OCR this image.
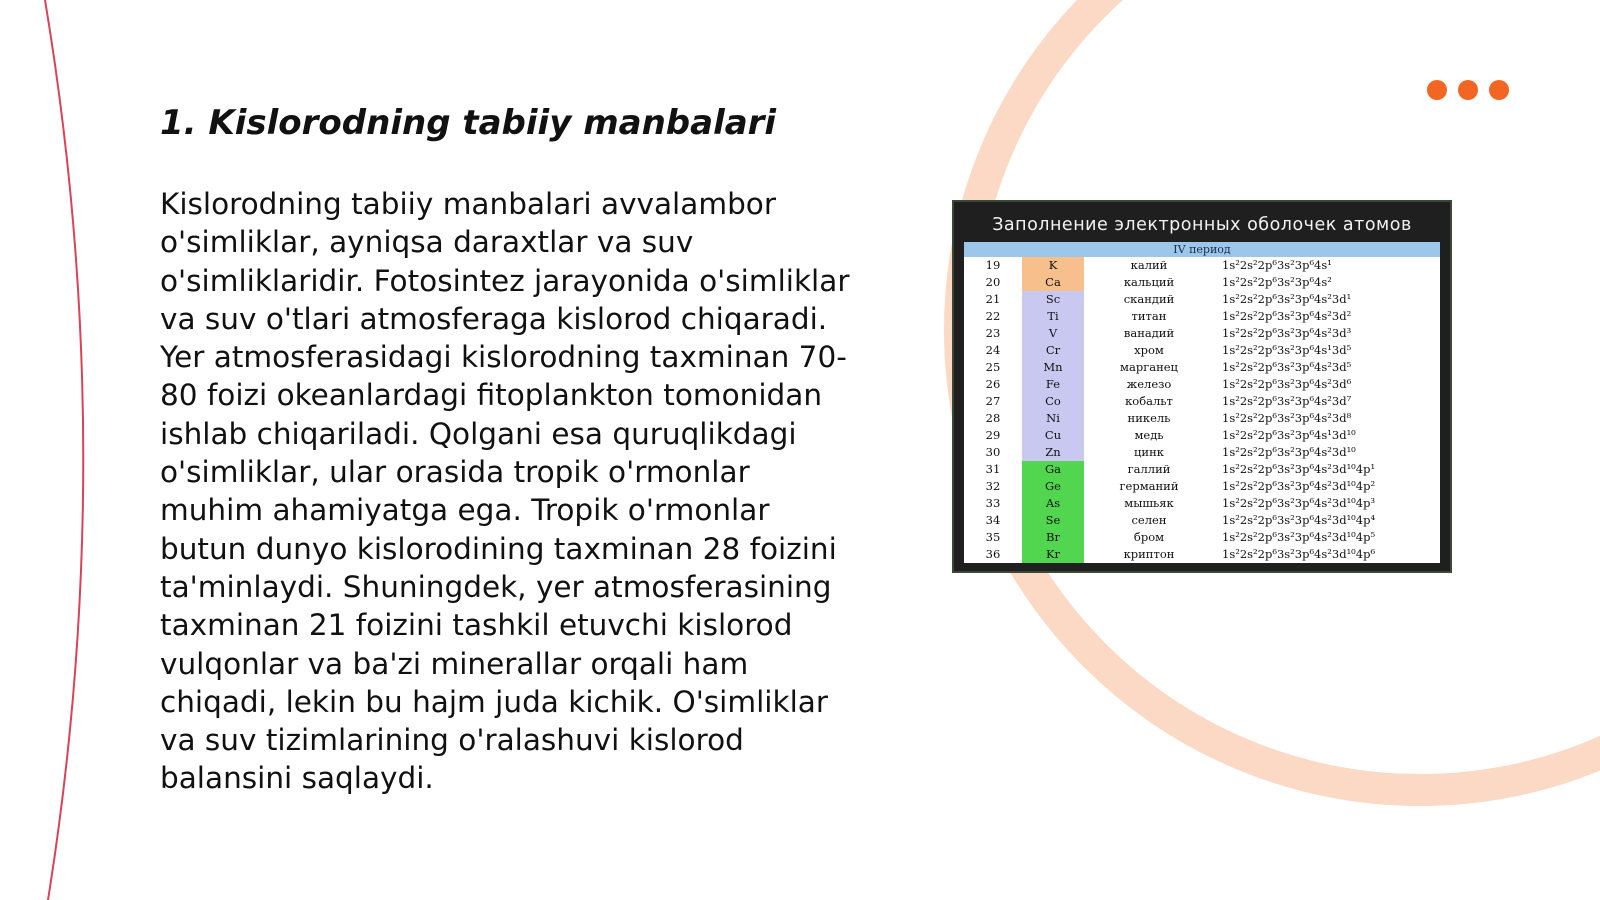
1. Kislorodning tabiiy manbalari

Kislorodning tabiiy manbalari avvalambor o'simliklar, ayniqsa daraxtlar va suv o'simliklaridir. Fotosintez jarayonida o'simliklar va suv o'tlari atmosferaga kislorod chiqaradi. Yer atmosferasidagi kislorodning taxminan 70-80 foizi okeanlardagi fitoplankton tomonidan ishlab chiqariladi. Qolgani esa quruqlikdagi o'simliklar, ular orasida tropik o'rmonlar muhim ahamiyatga ega. Tropik o'rmonlar butun dunyo kislorodining taxminan 28 foizini ta'minlaydi. Shuningdek, yer atmosferasining taxminan 21 foizini tashkil etuvchi kislorod vulqonlar va ba'zi minerallar orqali ham chiqadi, lekin bu hajm juda kichik. O'simliklar va suv tizimlarining o'ralashuvi kislorod balansini saqlaydi.

Заполнение электронных оболочек атомов
IV период
19	K	калий	1s²2s²2p⁶3s²3p⁶4s¹
20	Ca	кальций	1s²2s²2p⁶3s²3p⁶4s²
21	Sc	скандий	1s²2s²2p⁶3s²3p⁶4s²3d¹
22	Ti	титан	1s²2s²2p⁶3s²3p⁶4s²3d²
23	V	ванадий	1s²2s²2p⁶3s²3p⁶4s²3d³
24	Cr	хром	1s²2s²2p⁶3s²3p⁶4s¹3d⁵
25	Mn	марганец	1s²2s²2p⁶3s²3p⁶4s²3d⁵
26	Fe	железо	1s²2s²2p⁶3s²3p⁶4s²3d⁶
27	Co	кобальт	1s²2s²2p⁶3s²3p⁶4s²3d⁷
28	Ni	никель	1s²2s²2p⁶3s²3p⁶4s²3d⁸
29	Cu	медь	1s²2s²2p⁶3s²3p⁶4s¹3d¹⁰
30	Zn	цинк	1s²2s²2p⁶3s²3p⁶4s²3d¹⁰
31	Ga	галлий	1s²2s²2p⁶3s²3p⁶4s²3d¹⁰4p¹
32	Ge	германий	1s²2s²2p⁶3s²3p⁶4s²3d¹⁰4p²
33	As	мышьяк	1s²2s²2p⁶3s²3p⁶4s²3d¹⁰4p³
34	Se	селен	1s²2s²2p⁶3s²3p⁶4s²3d¹⁰4p⁴
35	Br	бром	1s²2s²2p⁶3s²3p⁶4s²3d¹⁰4p⁵
36	Kr	криптон	1s²2s²2p⁶3s²3p⁶4s²3d¹⁰4p⁶
